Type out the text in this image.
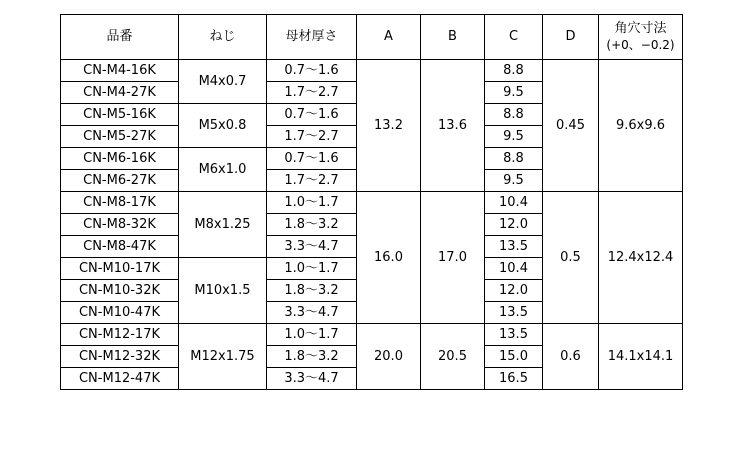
品番	ねじ	母材厚さ	A	B	C	D	角穴寸法
(+0、−0.2)

CN-M4-16K	M4x0.7	0.7～1.6	13.2	13.6	8.8	0.45	9.6x9.6
CN-M4-27K		1.7～2.7			9.5		
CN-M5-16K	M5x0.8	0.7～1.6			8.8		
CN-M5-27K		1.7～2.7			9.5		
CN-M6-16K	M6x1.0	0.7～1.6			8.8		
CN-M6-27K		1.7～2.7			9.5		
CN-M8-17K	M8x1.25	1.0～1.7	16.0	17.0	10.4	0.5	12.4x12.4
CN-M8-32K		1.8～3.2			12.0		
CN-M8-47K		3.3～4.7			13.5		
CN-M10-17K	M10x1.5	1.0～1.7			10.4		
CN-M10-32K		1.8～3.2			12.0		
CN-M10-47K		3.3～4.7			13.5		
CN-M12-17K	M12x1.75	1.0～1.7	20.0	20.5	13.5	0.6	14.1x14.1
CN-M12-32K		1.8～3.2			15.0		
CN-M12-47K		3.3～4.7			16.5		
